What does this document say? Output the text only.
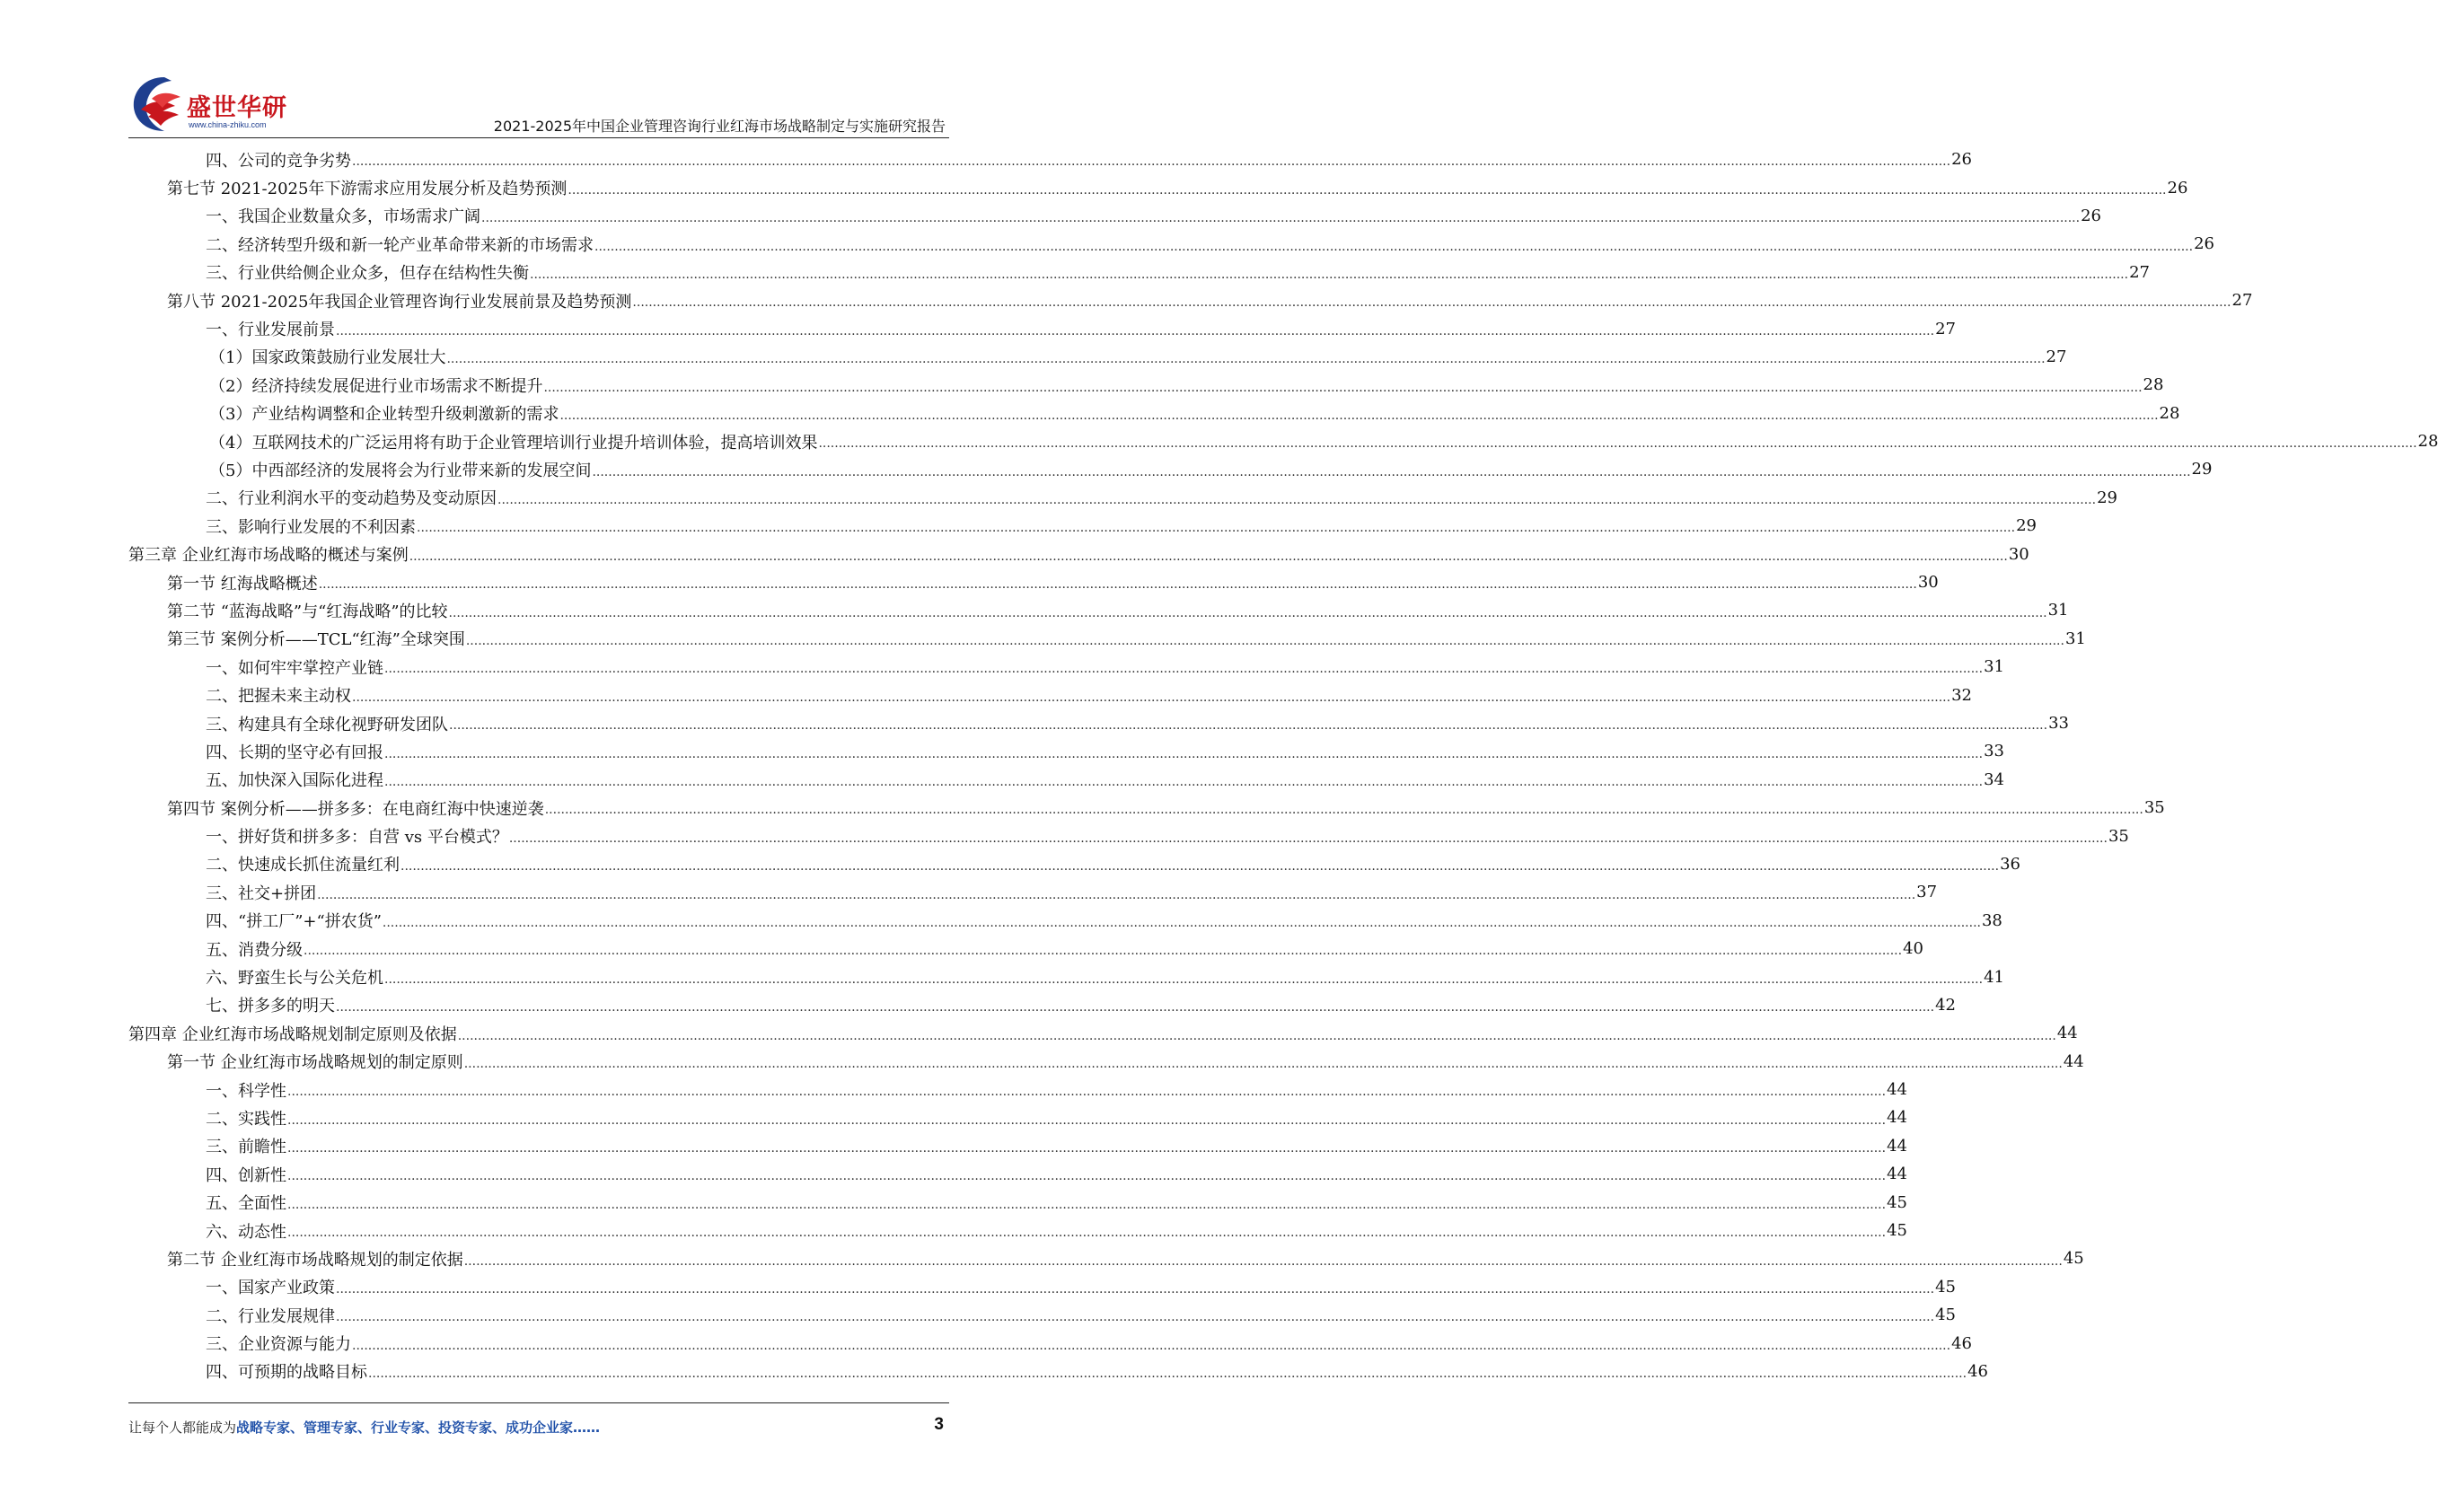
盛世华研
www.china-zhiku.com	2021-2025年中国企业管理咨询行业红海市场战略制定与实施研究报告
四、公司的竞争劣势 ................................................................................................................................................................................................................................................................................................................................................................................................................ 26
第七节 2021-2025年下游需求应用发展分析及趋势预测 ................................................................................................................................................................................................................................................................................................................................................................................................................ 26
一、我国企业数量众多，市场需求广阔 ................................................................................................................................................................................................................................................................................................................................................................................................................ 26
二、经济转型升级和新一轮产业革命带来新的市场需求 ................................................................................................................................................................................................................................................................................................................................................................................................................ 26
三、行业供给侧企业众多，但存在结构性失衡 ................................................................................................................................................................................................................................................................................................................................................................................................................ 27
第八节 2021-2025年我国企业管理咨询行业发展前景及趋势预测 ................................................................................................................................................................................................................................................................................................................................................................................................................ 27
一、行业发展前景 ................................................................................................................................................................................................................................................................................................................................................................................................................ 27
（1）国家政策鼓励行业发展壮大 ................................................................................................................................................................................................................................................................................................................................................................................................................ 27
（2）经济持续发展促进行业市场需求不断提升 ................................................................................................................................................................................................................................................................................................................................................................................................................ 28
（3）产业结构调整和企业转型升级刺激新的需求 ................................................................................................................................................................................................................................................................................................................................................................................................................ 28
（4）互联网技术的广泛运用将有助于企业管理培训行业提升培训体验，提高培训效果 ................................................................................................................................................................................................................................................................................................................................................................................................................ 28
（5）中西部经济的发展将会为行业带来新的发展空间 ................................................................................................................................................................................................................................................................................................................................................................................................................ 29
二、行业利润水平的变动趋势及变动原因 ................................................................................................................................................................................................................................................................................................................................................................................................................ 29
三、影响行业发展的不利因素 ................................................................................................................................................................................................................................................................................................................................................................................................................ 29
第三章 企业红海市场战略的概述与案例 ................................................................................................................................................................................................................................................................................................................................................................................................................ 30
第一节 红海战略概述 ................................................................................................................................................................................................................................................................................................................................................................................................................ 30
第二节 “蓝海战略”与“红海战略”的比较 ................................................................................................................................................................................................................................................................................................................................................................................................................ 31
第三节 案例分析——TCL“红海”全球突围 ................................................................................................................................................................................................................................................................................................................................................................................................................ 31
一、如何牢牢掌控产业链 ................................................................................................................................................................................................................................................................................................................................................................................................................ 31
二、把握未来主动权 ................................................................................................................................................................................................................................................................................................................................................................................................................ 32
三、构建具有全球化视野研发团队 ................................................................................................................................................................................................................................................................................................................................................................................................................ 33
四、长期的坚守必有回报 ................................................................................................................................................................................................................................................................................................................................................................................................................ 33
五、加快深入国际化进程 ................................................................................................................................................................................................................................................................................................................................................................................................................ 34
第四节 案例分析——拼多多：在电商红海中快速逆袭 ................................................................................................................................................................................................................................................................................................................................................................................................................ 35
一、拼好货和拼多多：自营 vs 平台模式？ ................................................................................................................................................................................................................................................................................................................................................................................................................ 35
二、快速成长抓住流量红利 ................................................................................................................................................................................................................................................................................................................................................................................................................ 36
三、社交+拼团 ................................................................................................................................................................................................................................................................................................................................................................................................................ 37
四、“拼工厂”+“拼农货” ................................................................................................................................................................................................................................................................................................................................................................................................................ 38
五、消费分级 ................................................................................................................................................................................................................................................................................................................................................................................................................ 40
六、野蛮生长与公关危机 ................................................................................................................................................................................................................................................................................................................................................................................................................ 41
七、拼多多的明天 ................................................................................................................................................................................................................................................................................................................................................................................................................ 42
第四章 企业红海市场战略规划制定原则及依据 ................................................................................................................................................................................................................................................................................................................................................................................................................ 44
第一节 企业红海市场战略规划的制定原则 ................................................................................................................................................................................................................................................................................................................................................................................................................ 44
一、科学性 ................................................................................................................................................................................................................................................................................................................................................................................................................ 44
二、实践性 ................................................................................................................................................................................................................................................................................................................................................................................................................ 44
三、前瞻性 ................................................................................................................................................................................................................................................................................................................................................................................................................ 44
四、创新性 ................................................................................................................................................................................................................................................................................................................................................................................................................ 44
五、全面性 ................................................................................................................................................................................................................................................................................................................................................................................................................ 45
六、动态性 ................................................................................................................................................................................................................................................................................................................................................................................................................ 45
第二节 企业红海市场战略规划的制定依据 ................................................................................................................................................................................................................................................................................................................................................................................................................ 45
一、国家产业政策 ................................................................................................................................................................................................................................................................................................................................................................................................................ 45
二、行业发展规律 ................................................................................................................................................................................................................................................................................................................................................................................................................ 45
三、企业资源与能力 ................................................................................................................................................................................................................................................................................................................................................................................................................ 46
四、可预期的战略目标 ................................................................................................................................................................................................................................................................................................................................................................................................................ 46
让每个人都能成为战略专家、管理专家、行业专家、投资专家、成功企业家……	3
